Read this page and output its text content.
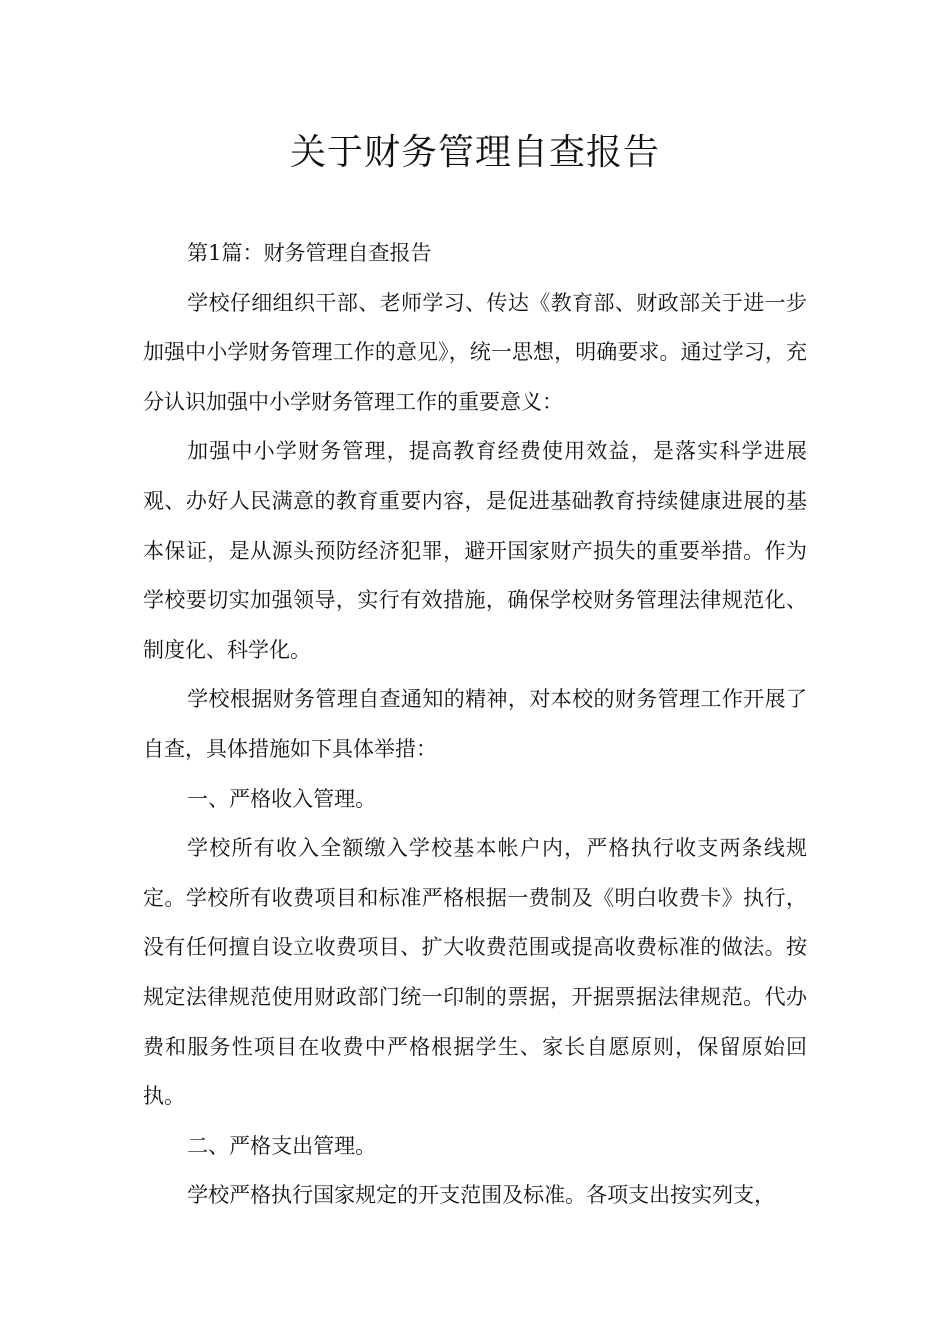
关于财务管理自查报告

第1篇：财务管理自查报告

学校仔细组织干部、老师学习、传达《教育部、财政部关于进一步加强中小学财务管理工作的意见》，统一思想，明确要求。通过学习，充分认识加强中小学财务管理工作的重要意义：

加强中小学财务管理，提高教育经费使用效益，是落实科学进展观、办好人民满意的教育重要内容，是促进基础教育持续健康进展的基本保证，是从源头预防经济犯罪，避开国家财产损失的重要举措。作为学校要切实加强领导，实行有效措施，确保学校财务管理法律规范化、制度化、科学化。

学校根据财务管理自查通知的精神，对本校的财务管理工作开展了自查，具体措施如下具体举措：

一、严格收入管理。

学校所有收入全额缴入学校基本帐户内，严格执行收支两条线规定。学校所有收费项目和标准严格根据一费制及《明白收费卡》执行，没有任何擅自设立收费项目、扩大收费范围或提高收费标准的做法。按规定法律规范使用财政部门统一印制的票据，开据票据法律规范。代办费和服务性项目在收费中严格根据学生、家长自愿原则，保留原始回执。

二、严格支出管理。

学校严格执行国家规定的开支范围及标准。各项支出按实列支，
